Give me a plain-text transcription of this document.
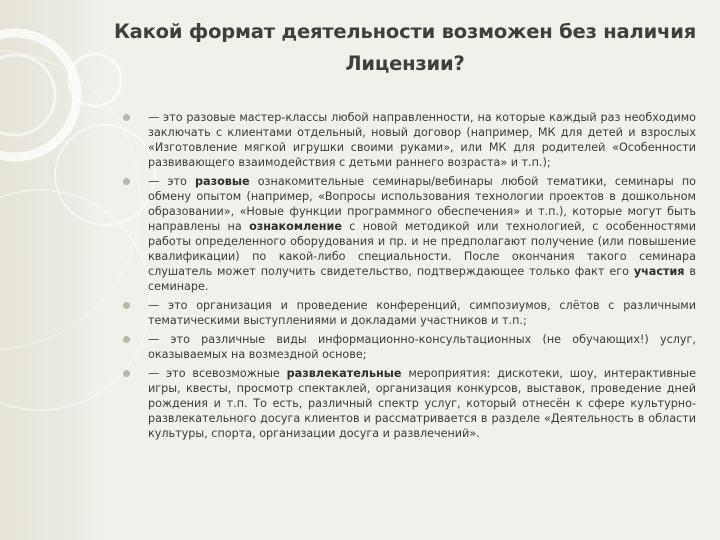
Какой формат деятельности возможен без наличия
Лицензии?
— это разовые мастер-классы любой направленности, на которые каждый раз необходимо заключать с клиентами отдельный, новый договор (например, МК для детей и взрослых «Изготовление мягкой игрушки своими руками», или МК для родителей «Особенности развивающего взаимодействия с детьми раннего возраста» и т.п.);
— это разовые ознакомительные семинары/вебинары любой тематики, семинары по обмену опытом (например, «Вопросы использования технологии проектов в дошкольном образовании», «Новые функции программного обеспечения» и т.п.), которые могут быть направлены на ознакомление с новой методикой или технологией, с особенностями работы определенного оборудования и пр. и не предполагают получение (или повышение квалификации) по какой-либо специальности. После окончания такого семинара слушатель может получить свидетельство, подтверждающее только факт его участия в семинаре.
— это организация и проведение конференций, симпозиумов, слётов с различными тематическими выступлениями и докладами участников и т.п.;
— это различные виды информационно-консультационных (не обучающих!) услуг, оказываемых на возмездной основе;
— это всевозможные развлекательные мероприятия: дискотеки, шоу, интерактивные игры, квесты, просмотр спектаклей, организация конкурсов, выставок, проведение дней рождения и т.п. То есть, различный спектр услуг, который отнесён к сфере культурно-развлекательного досуга клиентов и рассматривается в разделе «Деятельность в области культуры, спорта, организации досуга и развлечений».
